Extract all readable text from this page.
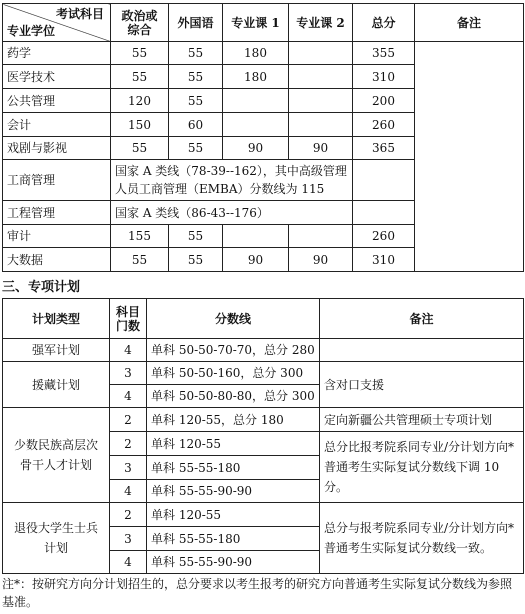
考试科目
专业学位	政治或综合	外国语	专业课 1	专业课 2	总分	备注
药学	55	55	180		355	
医学技术	55	55	180		310	
公共管理	120	55			200	
会计	150	60			260	
戏剧与影视	55	55	90	90	365	
工商管理	国家 A 类线（78-39--162），其中高级管理人员工商管理（EMBA）分数线为 115					
工程管理	国家 A 类线（86-43--176）					
审计	155	55			260	
大数据	55	55	90	90	310	
三、专项计划
计划类型	科目门数	分数线	备注
强军计划	4	单科 50-50-70-70，总分 280	
援藏计划	3	单科 50-50-160，总分 300	含对口支援
	4	单科 50-50-80-80，总分 300	
少数民族高层次骨干人才计划	2	单科 120-55，总分 180	定向新疆公共管理硕士专项计划
	2	单科 120-55	总分比报考院系同专业/分计划方向*普通考生实际复试分数线下调 10 分。
	3	单科 55-55-180	
	4	单科 55-55-90-90	
退役大学生士兵计划	2	单科 120-55	总分与报考院系同专业/分计划方向*普通考生实际复试分数线一致。
	3	单科 55-55-180	
	4	单科 55-55-90-90	
注*：按研究方向分计划招生的，总分要求以考生报考的研究方向普通考生实际复试分数线为参照基准。
